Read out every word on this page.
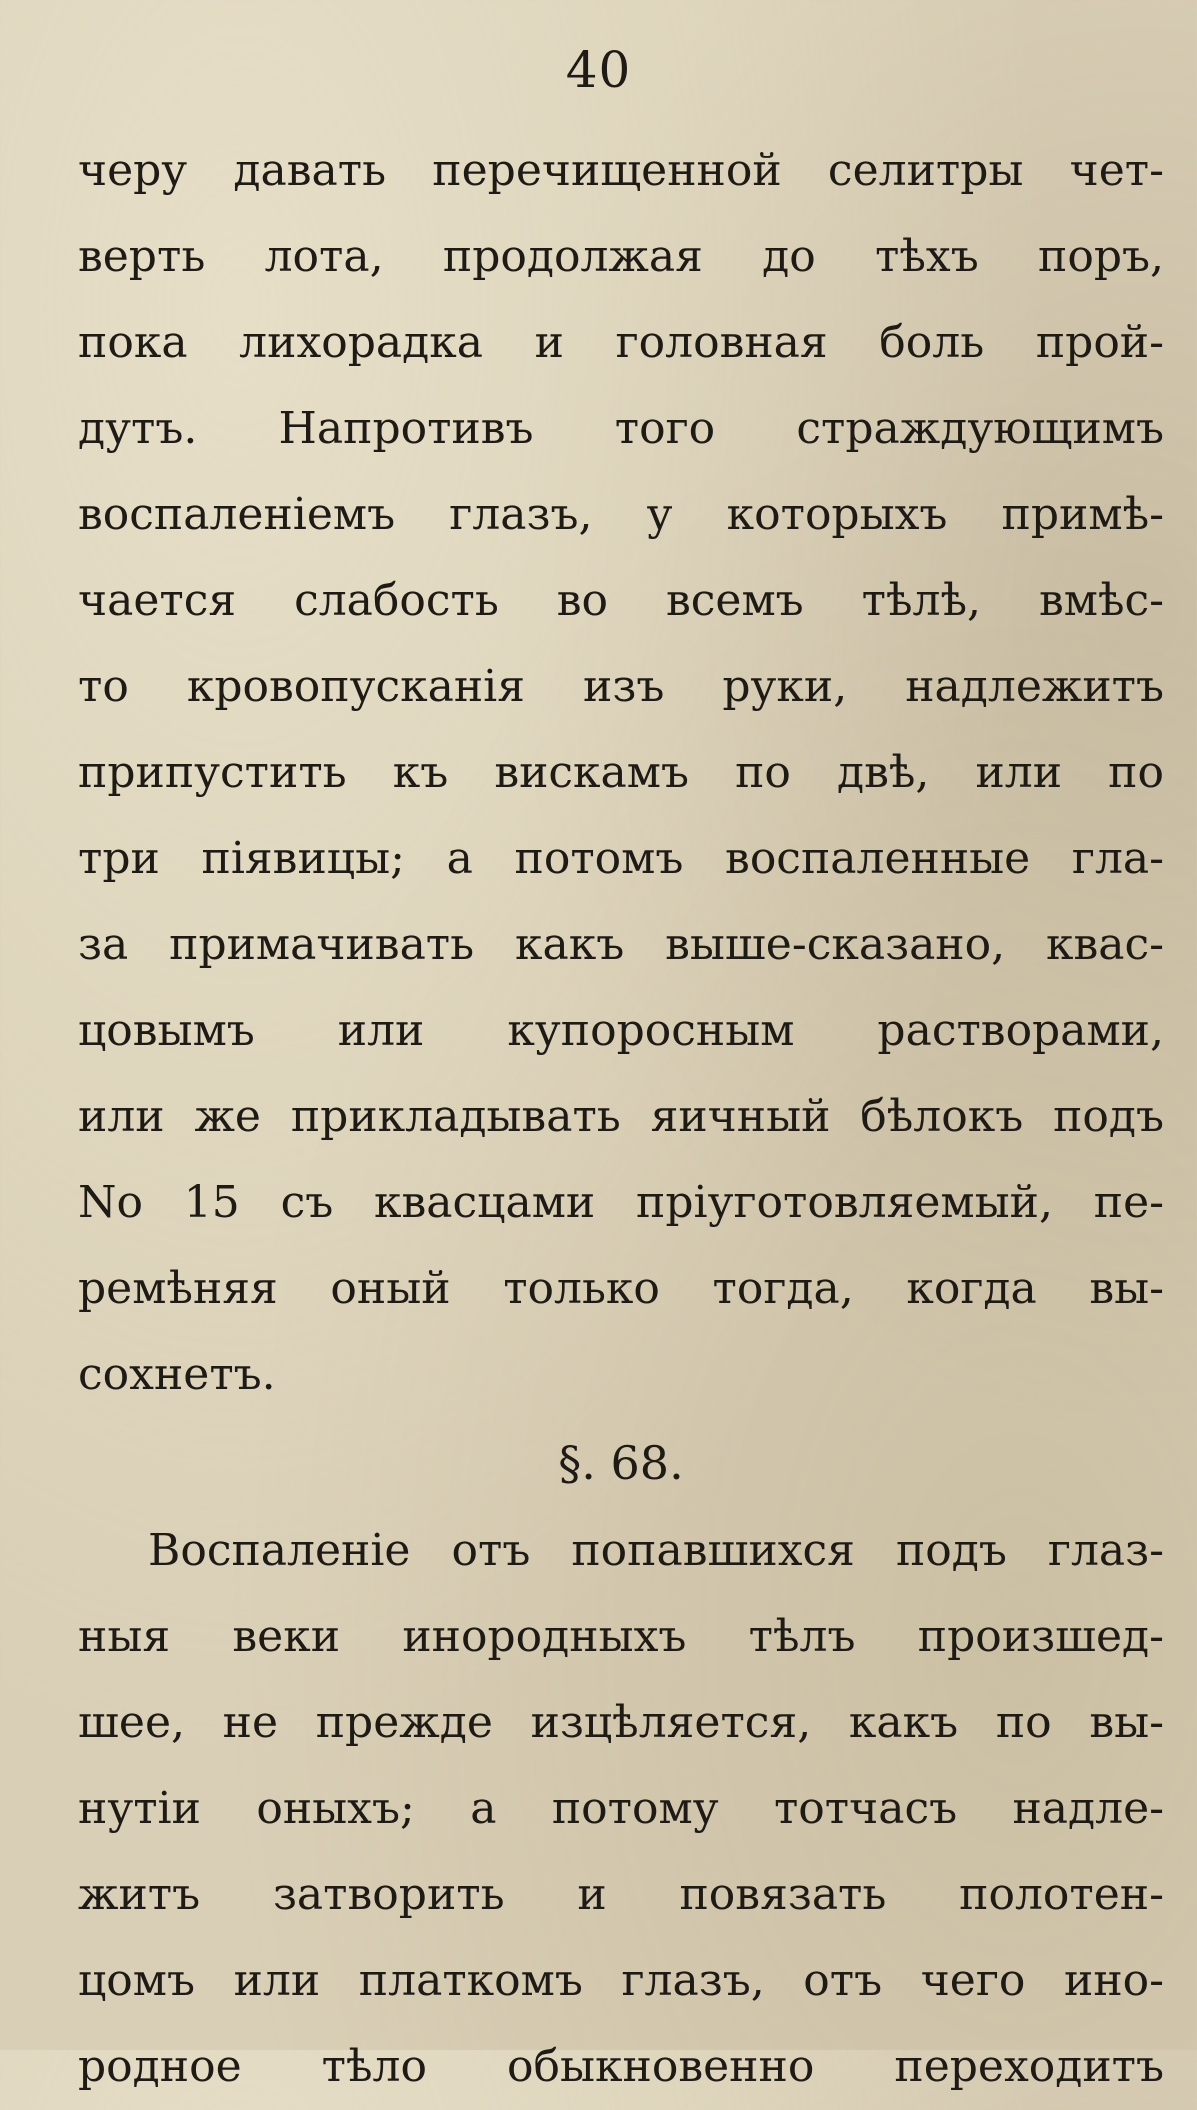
40
черу давать перечищенной селитры чет-
верть лота, продолжая до тѣхъ поръ,
пока лихорадка и головная боль прой-
дутъ. Напротивъ того страждующимъ
воспаленіемъ глазъ, у которыхъ примѣ-
чается слабость во всемъ тѣлѣ, вмѣс-
то кровопусканія изъ руки, надлежитъ
припустить къ вискамъ по двѣ, или по
три піявицы; а потомъ воспаленные гла-
за примачивать какъ выше-сказано, квас-
цовымъ или купоросным растворами,
или же прикладывать яичный бѣлокъ подъ
No 15 съ квасцами пріуготовляемый, пе-
ремѣняя оный только тогда, когда вы-
сохнетъ.
§. 68.
Воспаленіе отъ попавшихся подъ глаз-
ныя веки инородныхъ тѣлъ произшед-
шее, не прежде изцѣляется, какъ по вы-
нутіи оныхъ; а потому тотчасъ надле-
житъ затворить и повязать полотен-
цомъ или платкомъ глазъ, отъ чего ино-
родное тѣло обыкновенно переходитъ
